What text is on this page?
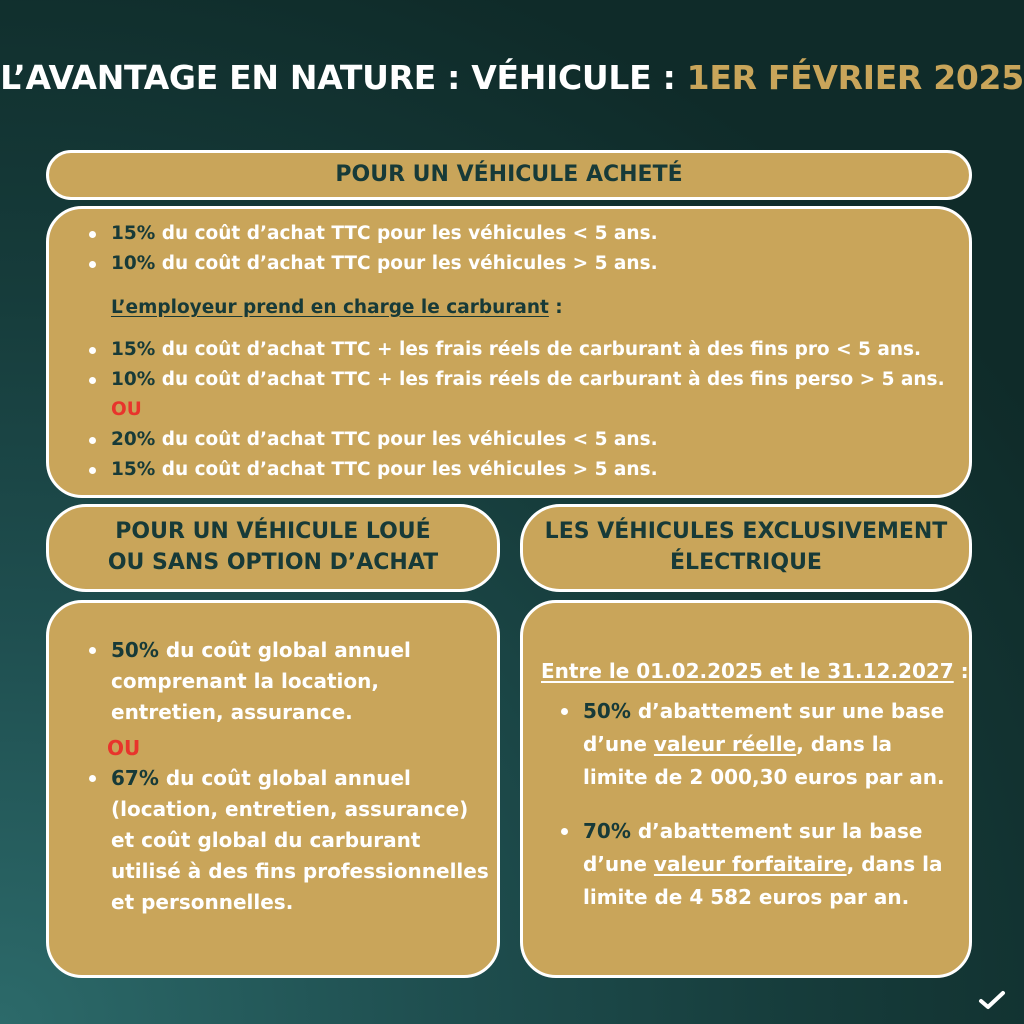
L’AVANTAGE EN NATURE : VÉHICULE : 1ER FÉVRIER 2025
POUR UN VÉHICULE ACHETÉ
15% du coût d’achat TTC pour les véhicules < 5 ans.
10% du coût d’achat TTC pour les véhicules > 5 ans.
L’employeur prend en charge le carburant :
15% du coût d’achat TTC + les frais réels de carburant à des fins pro < 5 ans.
10% du coût d’achat TTC + les frais réels de carburant à des fins perso > 5 ans.
OU
20% du coût d’achat TTC pour les véhicules < 5 ans.
15% du coût d’achat TTC pour les véhicules > 5 ans.
POUR UN VÉHICULE LOUÉ
OU SANS OPTION D’ACHAT
50% du coût global annuel comprenant la location, entretien, assurance.
OU
67% du coût global annuel (location, entretien, assurance) et coût global du carburant utilisé à des fins professionnelles et personnelles.
LES VÉHICULES EXCLUSIVEMENT
ÉLECTRIQUE
Entre le 01.02.2025 et le 31.12.2027 :
50% d’abattement sur une base d’une valeur réelle, dans la limite de 2 000,30 euros par an.
70% d’abattement sur la base d’une valeur forfaitaire, dans la limite de 4 582 euros par an.
